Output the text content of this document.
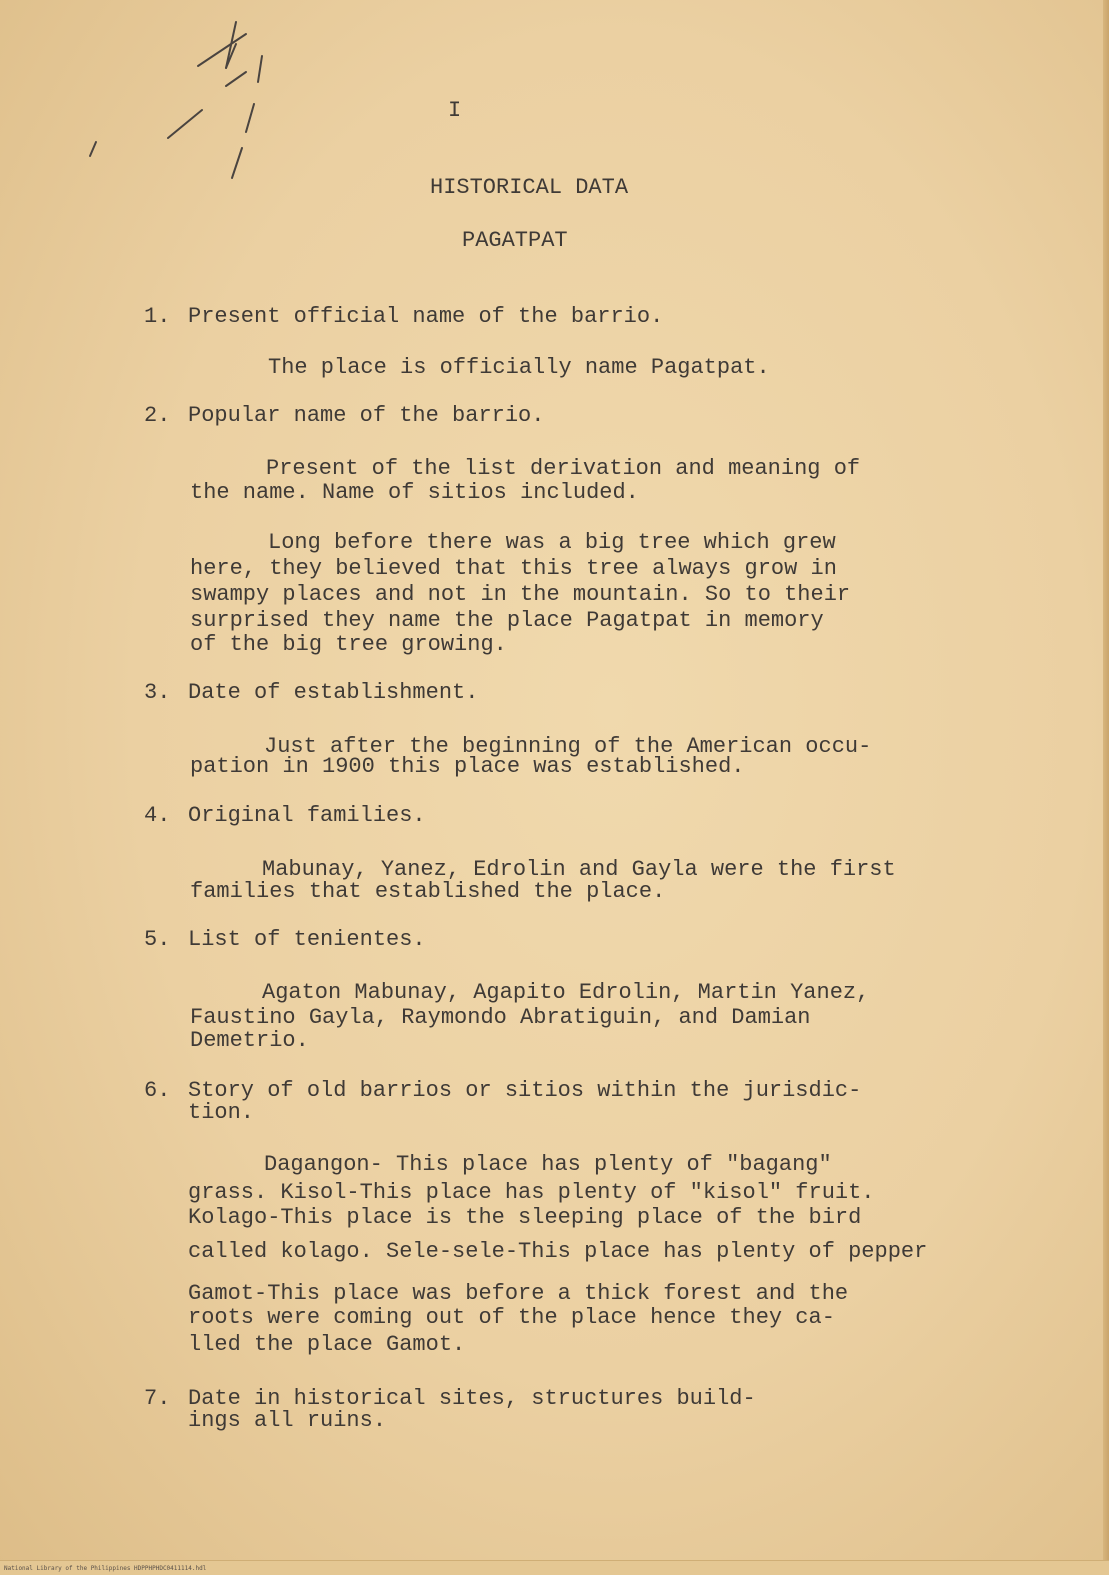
I
HISTORICAL DATA
PAGATPAT
1. Present official name of the barrio.
The place is officially name Pagatpat.
2. Popular name of the barrio.
Present of the list derivation and meaning of
the name. Name of sitios included.
Long before there was a big tree which grew
here, they believed that this tree always grow in
swampy places and not in the mountain. So to their
surprised they name the place Pagatpat in memory
of the big tree growing.
3. Date of establishment.
Just after the beginning of the American occu-
pation in 1900 this place was established.
4. Original families.
Mabunay, Yanez, Edrolin and Gayla were the first
families that established the place.
5. List of tenientes.
Agaton Mabunay, Agapito Edrolin, Martin Yanez,
Faustino Gayla, Raymondo Abratiguin, and Damian
Demetrio.
6. Story of old barrios or sitios within the jurisdic-
tion.
Dagangon- This place has plenty of "bagang"
grass. Kisol-This place has plenty of "kisol" fruit.
Kolago-This place is the sleeping place of the bird
called kolago. Sele-sele-This place has plenty of pepper
Gamot-This place was before a thick forest and the
roots were coming out of the place hence they ca-
lled the place Gamot.
7. Date in historical sites, structures build-
ings all ruins.
National Library of the Philippines HDPPHPHDC0411114.hdl
